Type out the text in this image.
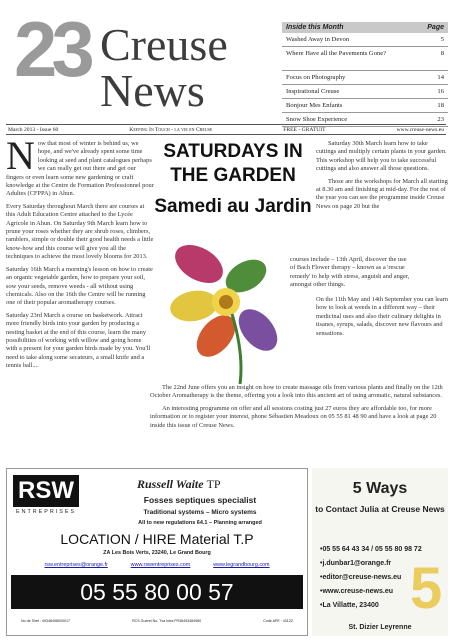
23 Creuse
News
Inside this Month	Page
Washed Away in Devon	5
Where Have all the Pavements Gone?	8
Focus on Photography	14
Inspirational Creuse	16
Bonjour Mes Enfants	18
Snow Shoe Experience	23
March 2013 - Issue 60	Keeping In Touch - la vie en Creuse	FREE - GRATUIT	www.creuse-news.eu

Now that most of winter is behind us, we hope, and we've already spent some time looking at seed and plant catalogues perhaps we can really get out there and get our fingers or even learn some new gardening or craft knowledge at the Centre de Formation Professionnel pour Adultes (CFPPA) in Ahun.

Every Saturday throughout March there are courses at this Adult Education Centre attached to the Lycée Agricole in Ahun. On Saturday 9th March learn how to prune your roses whether they are shrub roses, climbers, ramblers, simple or double their good health needs a little know-how and this course will give you all the techniques to achieve the most lovely blooms for 2013.

Saturday 16th March a morning's lesson on how to create an organic vegetable garden, how to prepare your soil, sow your seeds, remove weeds - all without using chemicals. Also on the 16th the Centre will be running one of their popular aromatherapy courses.

Saturday 23rd March a course on basketwork. Attract more friendly birds into your garden by producing a nesting basket at the end of this course, learn the many possibilities of working with willow and going home with a present for your garden birds made by you. You'll need to take along some secateurs, a small knife and a tennis ball....

SATURDAYS IN THE GARDEN
Samedi au Jardin

Saturday 30th March learn how to take cuttings and multiply certain plants in your garden. This workshop will help you to take successful cuttings and also answer all those questions.

Those are the workshops for March all starting at 8.30 am and finishing at mid-day. For the rest of the year you can see the programme inside Creuse News on page 20 but the

courses include – 13th April, discover the use of Bach Flower therapy – known as a 'rescue remedy' to help with stress, anguish and anger, amongst other things.

On the 11th May and 14th September you can learn how to look at weeds in a different way – their medicinal uses and also their culinary delights in tisanes, syrups, salads, discover new flavours and sensations.

The 22nd June offers you an insight on how to create massage oils from various plants and finally on the 12th October Aromatherapy is the theme, offering you a look into this ancient art of using aromatic, natural substances.

An interesting programme on offer and all sessions costing just 27 euros they are affordable too, for more information or to register your interest, phone Sébastien Meadoux on 05 55 81 48 90 and have a look at page 20 inside this issue of Creuse News.

RSW
ENTREPRISES
Russell Waite TP
Fosses septiques specialist
Traditional systems – Micro systems
All to new regulations 64.1 – Planning arranged
LOCATION / HIRE Material T.P
ZA Les Bois Verts, 23240, Le Grand Bourg
rsw.entreprises@orange.fr	www.rswentreprises.com	www.legrandbourg.com
05 55 80 00 57
No de Siret : 49348498000017	RCS Guéret No. Tva Intra FR38493484980	Code APE : 4312Z
5 Ways
to Contact Julia at Creuse News
5
• 05 55 64 43 34 / 05 55 80 98 72
• j.dunbar1@orange.fr
• editor@creuse-news.eu
• www.creuse-news.eu
• La Villatte, 23400
St. Dizier Leyrenne
